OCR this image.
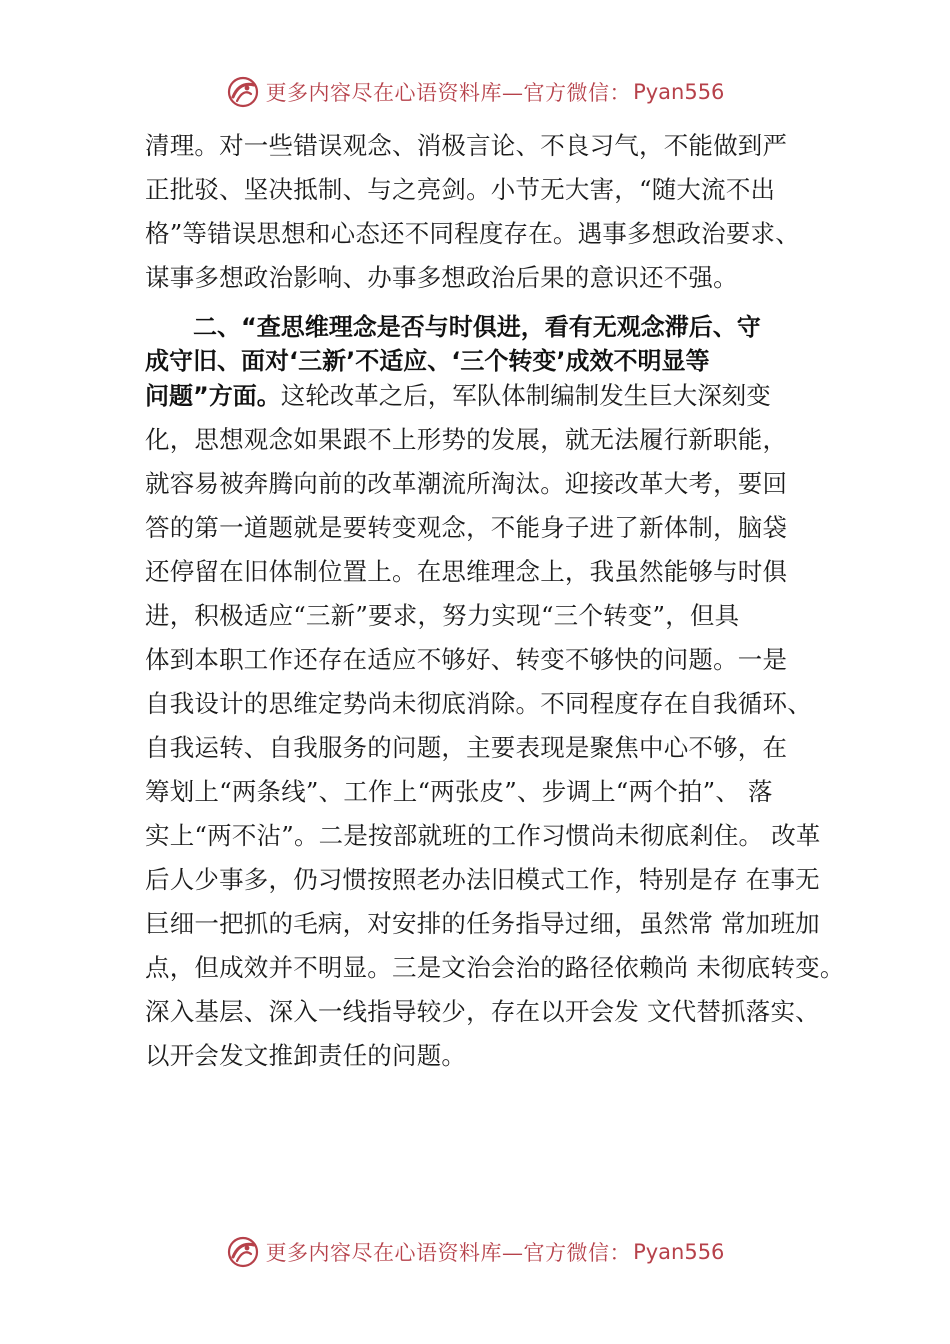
更多内容尽在心语资料库—官方微信： Pyan556
清理。对一些错误观念、消极言论、不良习气，不能做到严
正批驳、坚决抵制、与之亮剑。小节无大害，“随大流不出
格”等错误思想和心态还不同程度存在。遇事多想政治要求、
谋事多想政治影响、办事多想政治后果的意识还不强。
二、“查思维理念是否与时俱进，看有无观念滞后、守
成守旧、面对‘三新’不适应、‘三个转变’成效不明显等
问题”方面。这轮改革之后，军队体制编制发生巨大深刻变
化，思想观念如果跟不上形势的发展，就无法履行新职能，
就容易被奔腾向前的改革潮流所淘汰。迎接改革大考，要回
答的第一道题就是要转变观念，不能身子进了新体制，脑袋
还停留在旧体制位置上。在思维理念上，我虽然能够与时俱
进，积极适应“三新”要求，努力实现“三个转变”，但具
体到本职工作还存在适应不够好、转变不够快的问题。一是
自我设计的思维定势尚未彻底消除。不同程度存在自我循环、
自我运转、自我服务的问题，主要表现是聚焦中心不够，在
筹划上“两条线”、工作上“两张皮”、步调上“两个拍”、 落
实上“两不沾”。二是按部就班的工作习惯尚未彻底剎住。 改革
后人少事多，仍习惯按照老办法旧模式工作，特别是存 在事无
巨细一把抓的毛病，对安排的任务指导过细，虽然常 常加班加
点，但成效并不明显。三是文治会治的路径依赖尚 未彻底转变。
深入基层、深入一线指导较少，存在以开会发 文代替抓落实、
以开会发文推卸责任的问题。
更多内容尽在心语资料库—官方微信： Pyan556
